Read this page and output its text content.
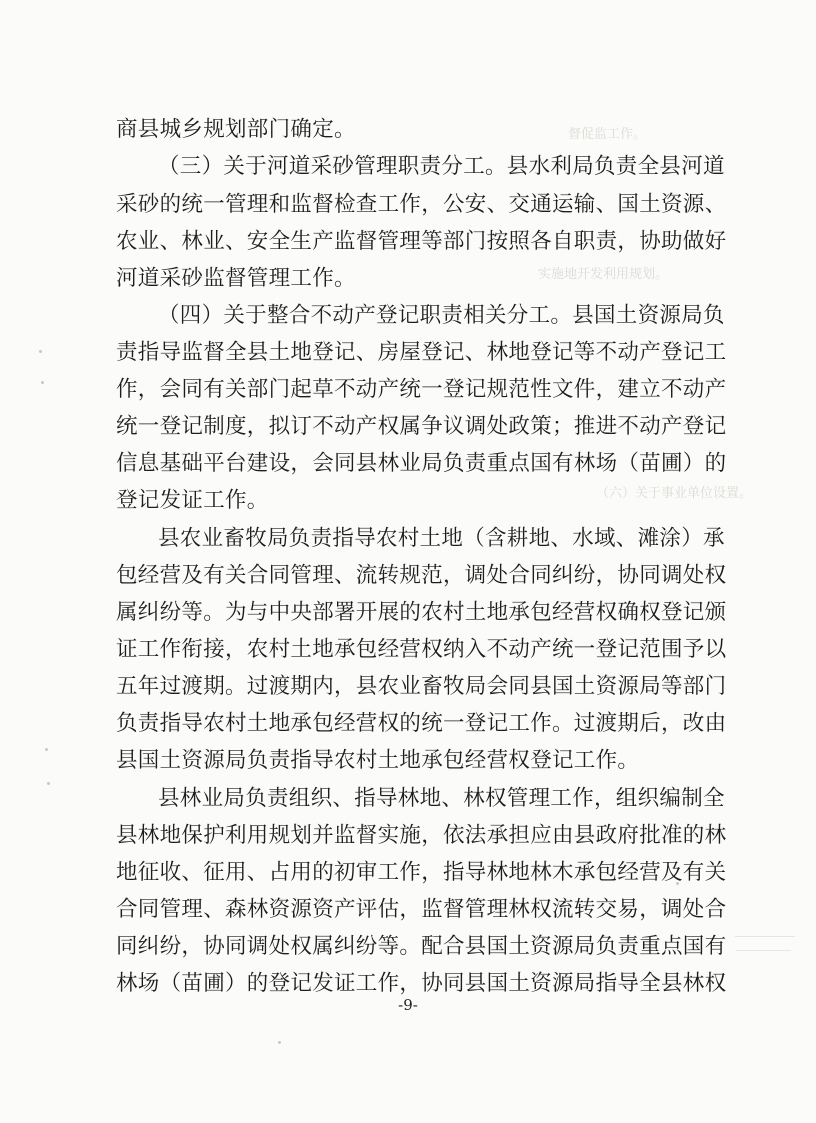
督促监工作。
实施地开发利用规划。
（六）关于事业单位设置。
商县城乡规划部门确定。
（三）关于河道采砂管理职责分工。县水利局负责全县河道
采砂的统一管理和监督检查工作，公安、交通运输、国土资源、
农业、林业、安全生产监督管理等部门按照各自职责，协助做好
河道采砂监督管理工作。
（四）关于整合不动产登记职责相关分工。县国土资源局负
责指导监督全县土地登记、房屋登记、林地登记等不动产登记工
作，会同有关部门起草不动产统一登记规范性文件，建立不动产
统一登记制度，拟订不动产权属争议调处政策；推进不动产登记
信息基础平台建设，会同县林业局负责重点国有林场（苗圃）的
登记发证工作。
县农业畜牧局负责指导农村土地（含耕地、水域、滩涂）承
包经营及有关合同管理、流转规范，调处合同纠纷，协同调处权
属纠纷等。为与中央部署开展的农村土地承包经营权确权登记颁
证工作衔接，农村土地承包经营权纳入不动产统一登记范围予以
五年过渡期。过渡期内，县农业畜牧局会同县国土资源局等部门
负责指导农村土地承包经营权的统一登记工作。过渡期后，改由
县国土资源局负责指导农村土地承包经营权登记工作。
县林业局负责组织、指导林地、林权管理工作，组织编制全
县林地保护利用规划并监督实施，依法承担应由县政府批准的林
地征收、征用、占用的初审工作，指导林地林木承包经营及有关
合同管理、森林资源资产评估，监督管理林权流转交易，调处合
同纠纷，协同调处权属纠纷等。配合县国土资源局负责重点国有
林场（苗圃）的登记发证工作，协同县国土资源局指导全县林权
-9-
